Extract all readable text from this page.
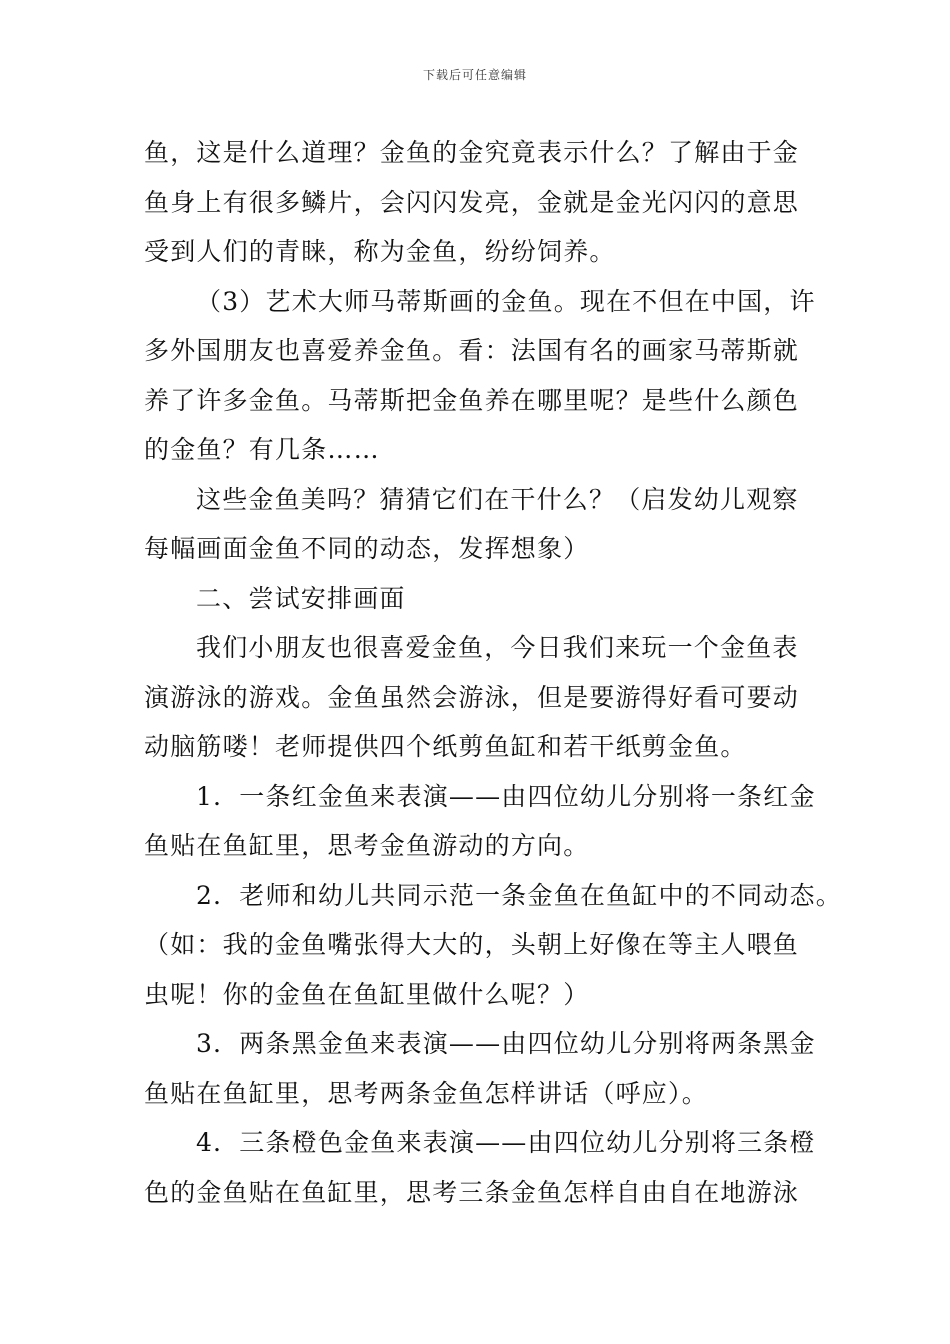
下载后可任意编辑

鱼，这是什么道理？金鱼的金究竟表示什么？了解由于金
鱼身上有很多鳞片，会闪闪发亮，金就是金光闪闪的意思
受到人们的青睐，称为金鱼，纷纷饲养。

（3）艺术大师马蒂斯画的金鱼。现在不但在中国，许
多外国朋友也喜爱养金鱼。看：法国有名的画家马蒂斯就
养了许多金鱼。马蒂斯把金鱼养在哪里呢？是些什么颜色
的金鱼？有几条……

这些金鱼美吗？猜猜它们在干什么？（启发幼儿观察
每幅画面金鱼不同的动态，发挥想象）

二、尝试安排画面

我们小朋友也很喜爱金鱼，今日我们来玩一个金鱼表
演游泳的游戏。金鱼虽然会游泳，但是要游得好看可要动
动脑筋喽！老师提供四个纸剪鱼缸和若干纸剪金鱼。

1．一条红金鱼来表演——由四位幼儿分别将一条红金
鱼贴在鱼缸里，思考金鱼游动的方向。

2．老师和幼儿共同示范一条金鱼在鱼缸中的不同动态。
（如：我的金鱼嘴张得大大的，头朝上好像在等主人喂鱼
虫呢！你的金鱼在鱼缸里做什么呢？）

3．两条黑金鱼来表演——由四位幼儿分别将两条黑金
鱼贴在鱼缸里，思考两条金鱼怎样讲话（呼应）。

4．三条橙色金鱼来表演——由四位幼儿分别将三条橙
色的金鱼贴在鱼缸里，思考三条金鱼怎样自由自在地游泳
